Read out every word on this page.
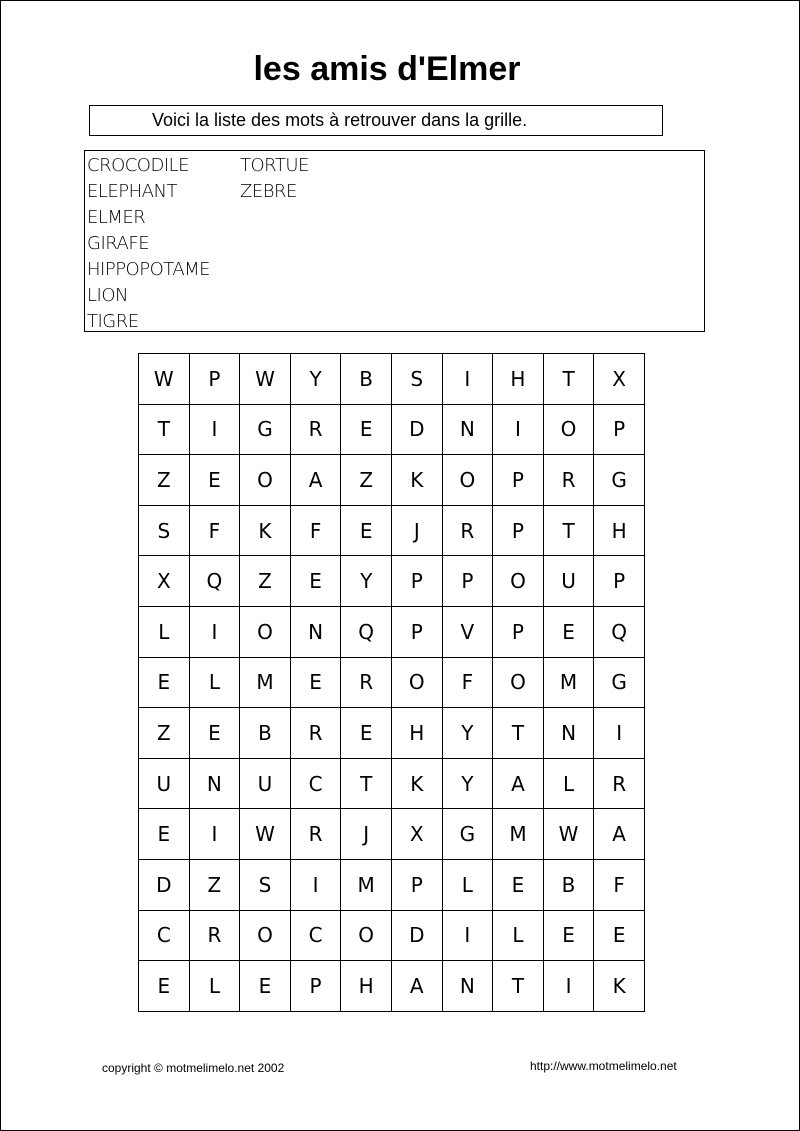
les amis d'Elmer
Voici la liste des mots à retrouver dans la grille.
CROCODILE
ELEPHANT
ELMER
GIRAFE
HIPPOPOTAME
LION
TIGRE
TORTUE
ZEBRE
W	P	W	Y	B	S	I	H	T	X
T	I	G	R	E	D	N	I	O	P
Z	E	O	A	Z	K	O	P	R	G
S	F	K	F	E	J	R	P	T	H
X	Q	Z	E	Y	P	P	O	U	P
L	I	O	N	Q	P	V	P	E	Q
E	L	M	E	R	O	F	O	M	G
Z	E	B	R	E	H	Y	T	N	I
U	N	U	C	T	K	Y	A	L	R
E	I	W	R	J	X	G	M	W	A
D	Z	S	I	M	P	L	E	B	F
C	R	O	C	O	D	I	L	E	E
E	L	E	P	H	A	N	T	I	K
copyright © motmelimelo.net 2002	http://www.motmelimelo.net
